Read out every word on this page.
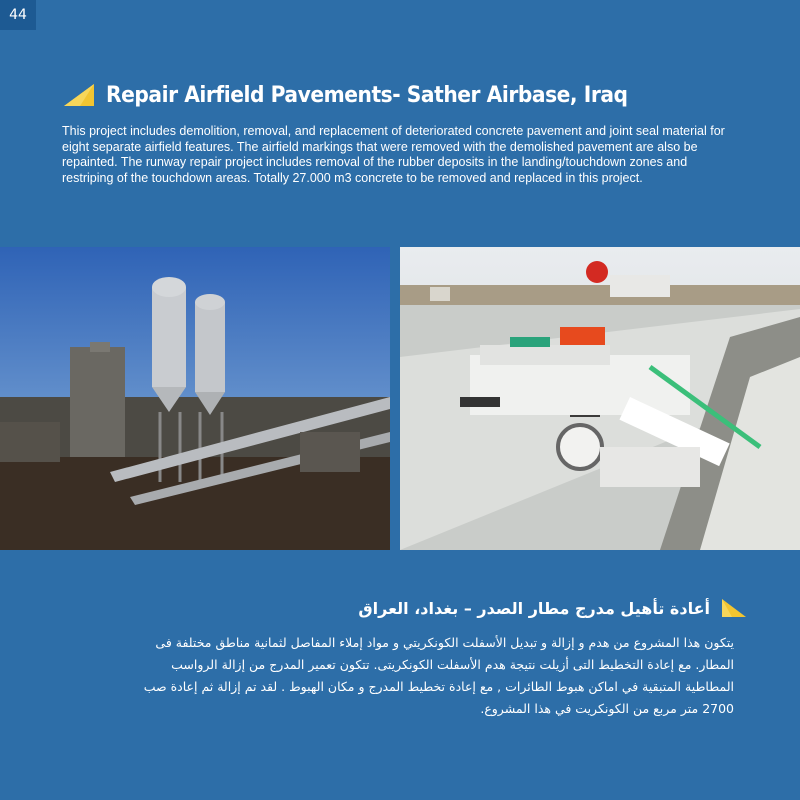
44
Repair Airfield Pavements- Sather Airbase, Iraq
This project includes demolition, removal, and replacement of deteriorated concrete pavement and joint seal material for eight separate airfield features. The airfield markings that were removed with the demolished pavement are also be repainted. The runway repair project includes removal of the rubber deposits in the landing/touchdown zones and restriping of the touchdown areas. Totally 27.000 m3 concrete to be removed and replaced in this project.
أعادة تأهيل مدرج مطار الصدر – بغداد، العراق
يتكون هذا المشروع من هدم و إزالة و تبديل الأسفلت الكونكريتي و مواد إملاء المفاصل لثمانية مناطق مختلفة فى المطار. مع إعادة التخطيط التى أزيلت نتيجة هدم الأسفلت الكونكريتى. تتكون تعمير المدرج من إزالة الرواسب المطاطية المتبقية في اماكن هبوط الطائرات , مع إعادة تخطيط المدرج و مكان الهبوط . لقد تم إزالة ثم إعادة صب 2700 متر مربع من الكونكريت في هذا المشروع.
